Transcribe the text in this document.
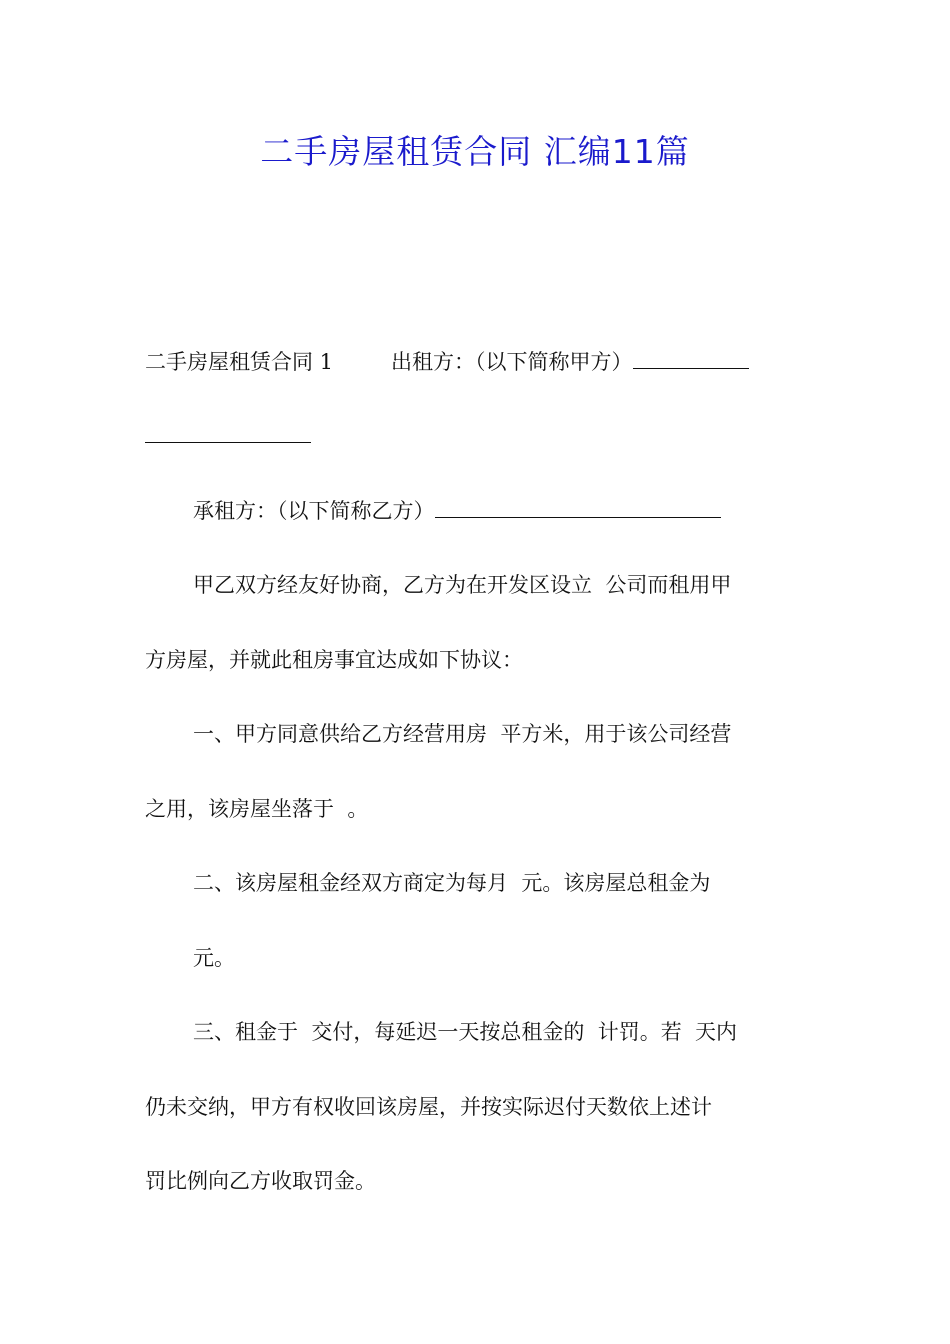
二手房屋租赁合同 汇编11篇

二手房屋租赁合同 1	出租方：（以下简称甲方）

承租方：（以下简称乙方）

甲乙双方经友好协商，乙方为在开发区设立  公司而租用甲

方房屋，并就此租房事宜达成如下协议：

一、甲方同意供给乙方经营用房  平方米，用于该公司经营

之用，该房屋坐落于  。

二、该房屋租金经双方商定为每月  元。该房屋总租金为

元。

三、租金于  交付，每延迟一天按总租金的  计罚。若  天内

仍未交纳，甲方有权收回该房屋，并按实际迟付天数依上述计

罚比例向乙方收取罚金。
